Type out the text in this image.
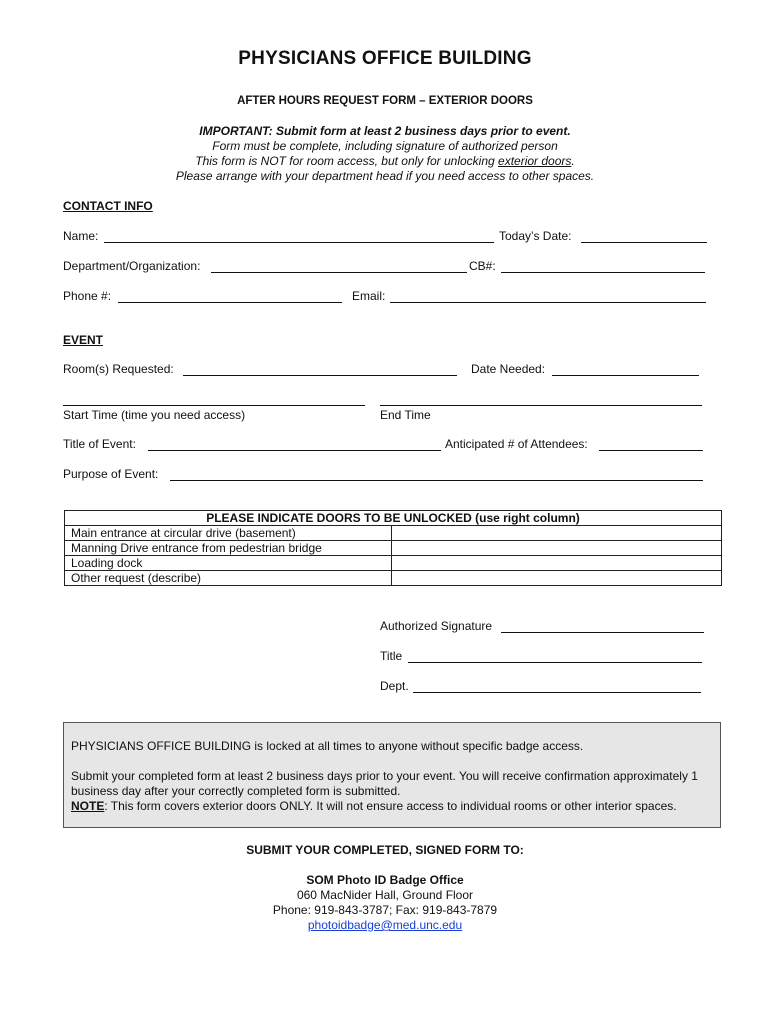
PHYSICIANS OFFICE BUILDING
AFTER HOURS REQUEST FORM – EXTERIOR DOORS
IMPORTANT: Submit form at least 2 business days prior to event.
Form must be complete, including signature of authorized person
This form is NOT for room access, but only for unlocking exterior doors.
Please arrange with your department head if you need access to other spaces.
CONTACT INFO
Name:	Today’s Date:
Department/Organization:	CB#:
Phone #:	Email:
EVENT
Room(s) Requested:	Date Needed:
Start Time (time you need access)	End Time
Title of Event:	Anticipated # of Attendees:
Purpose of Event:
PLEASE INDICATE DOORS TO BE UNLOCKED (use right column)	
Main entrance at circular drive (basement)	
Manning Drive entrance from pedestrian bridge	
Loading dock	
Other request (describe)	
Authorized Signature
Title
Dept.
PHYSICIANS OFFICE BUILDING is locked at all times to anyone without specific badge access.
Submit your completed form at least 2 business days prior to your event. You will receive confirmation approximately 1 business day after your correctly completed form is submitted.
NOTE: This form covers exterior doors ONLY. It will not ensure access to individual rooms or other interior spaces.
SUBMIT YOUR COMPLETED, SIGNED FORM TO:
SOM Photo ID Badge Office
060 MacNider Hall, Ground Floor
Phone: 919-843-3787; Fax: 919-843-7879
photoidbadge@med.unc.edu
